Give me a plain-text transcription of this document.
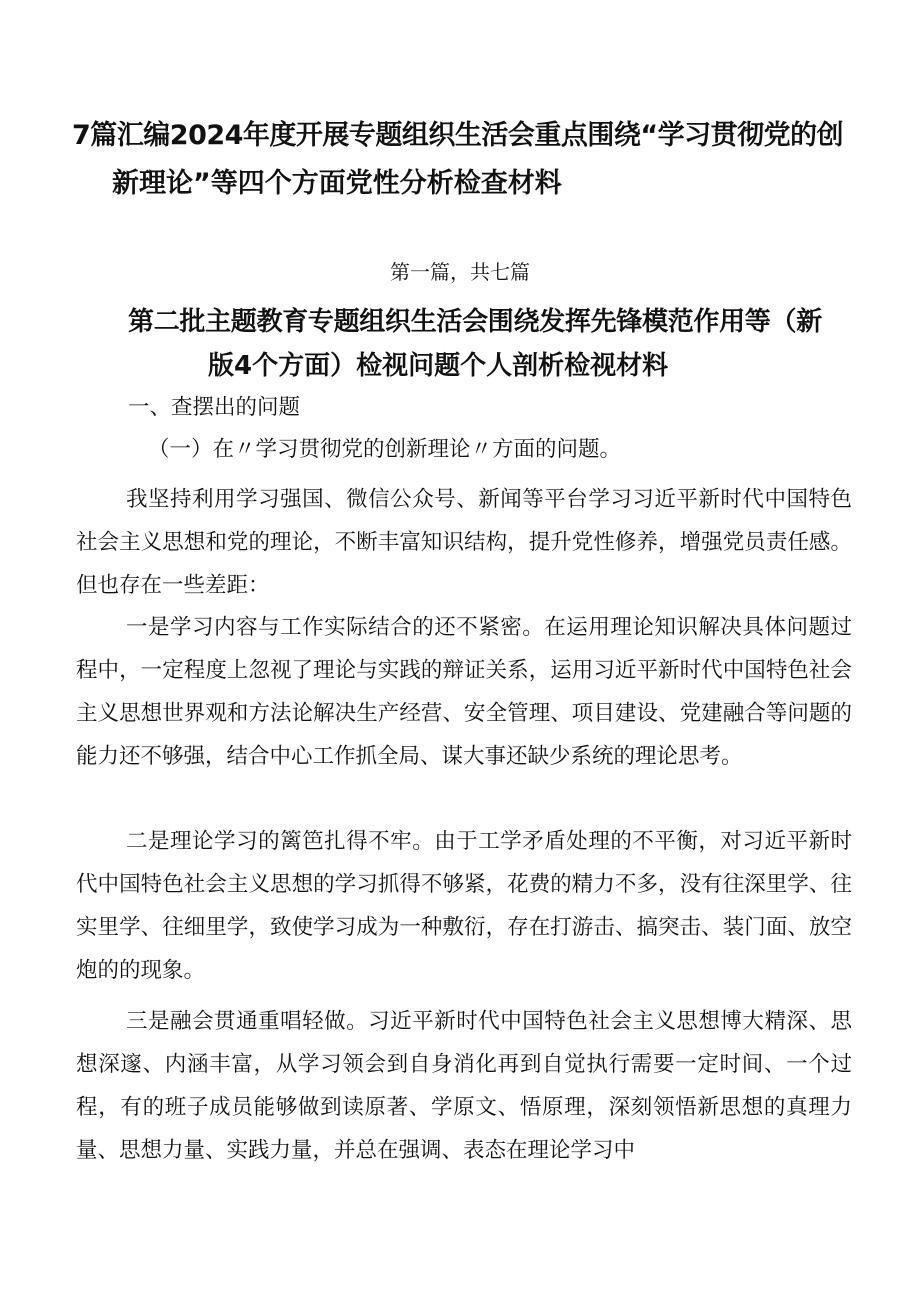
7篇汇编2024年度开展专题组织生活会重点围绕“学习贯彻党的创
新理论”等四个方面党性分析检查材料

第一篇，共七篇

第二批主题教育专题组织生活会围绕发挥先锋模范作用等（新
版4个方面）检视问题个人剖析检视材料

一、查摆出的问题

（一）在〃学习贯彻党的创新理论〃方面的问题。

我坚持利用学习强国、微信公众号、新闻等平台学习习近平新时代中国特色社会主义思想和党的理论，不断丰富知识结构，提升党性修养，增强党员责任感。但也存在一些差距：

一是学习内容与工作实际结合的还不紧密。在运用理论知识解决具体问题过程中，一定程度上忽视了理论与实践的辩证关系，运用习近平新时代中国特色社会主义思想世界观和方法论解决生产经营、安全管理、项目建设、党建融合等问题的能力还不够强，结合中心工作抓全局、谋大事还缺少系统的理论思考。

二是理论学习的篱笆扎得不牢。由于工学矛盾处理的不平衡，对习近平新时代中国特色社会主义思想的学习抓得不够紧，花费的精力不多，没有往深里学、往实里学、往细里学，致使学习成为一种敷衍，存在打游击、搞突击、装门面、放空炮的的现象。

三是融会贯通重唱轻做。习近平新时代中国特色社会主义思想博大精深、思想深邃、内涵丰富，从学习领会到自身消化再到自觉执行需要一定时间、一个过程，有的班子成员能够做到读原著、学原文、悟原理，深刻领悟新思想的真理力量、思想力量、实践力量，并总在强调、表态在理论学习中
